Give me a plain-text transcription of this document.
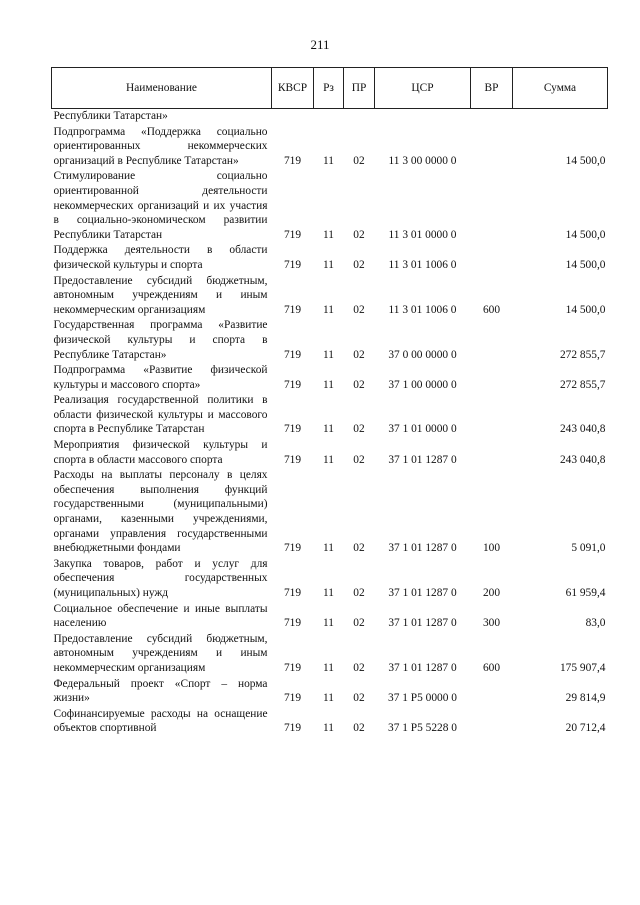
211
Наименование	КВСР	Рз	ПР	ЦСР	ВР	Сумма
Республики Татарстан»						
Подпрограмма «Поддержка социально ориентированных некоммерческих организаций в Республике Татарстан»	719	11	02	11 3 00 0000 0		14 500,0
Стимулирование социально ориентированной деятельности некоммерческих организаций и их участия в социально-экономическом развитии Республики Татарстан	719	11	02	11 3 01 0000 0		14 500,0
Поддержка деятельности в области физической культуры и спорта	719	11	02	11 3 01 1006 0		14 500,0
Предоставление субсидий бюджетным, автономным учреждениям и иным некоммерческим организациям	719	11	02	11 3 01 1006 0	600	14 500,0
Государственная программа «Развитие физической культуры и спорта в Республике Татарстан»	719	11	02	37 0 00 0000 0		272 855,7
Подпрограмма «Развитие физической культуры и массового спорта»	719	11	02	37 1 00 0000 0		272 855,7
Реализация государственной политики в области физической культуры и массового спорта в Республике Татарстан	719	11	02	37 1 01 0000 0		243 040,8
Мероприятия физической культуры и спорта в области массового спорта	719	11	02	37 1 01 1287 0		243 040,8
Расходы на выплаты персоналу в целях обеспечения выполнения функций государственными (муниципальными) органами, казенными учреждениями, органами управления государственными внебюджетными фондами	719	11	02	37 1 01 1287 0	100	5 091,0
Закупка товаров, работ и услуг для обеспечения государственных (муниципальных) нужд	719	11	02	37 1 01 1287 0	200	61 959,4
Социальное обеспечение и иные выплаты населению	719	11	02	37 1 01 1287 0	300	83,0
Предоставление субсидий бюджетным, автономным учреждениям и иным некоммерческим организациям	719	11	02	37 1 01 1287 0	600	175 907,4
Федеральный проект «Спорт – норма жизни»	719	11	02	37 1 P5 0000 0		29 814,9
Софинансируемые расходы на оснащение объектов спортивной	719	11	02	37 1 P5 5228 0		20 712,4
